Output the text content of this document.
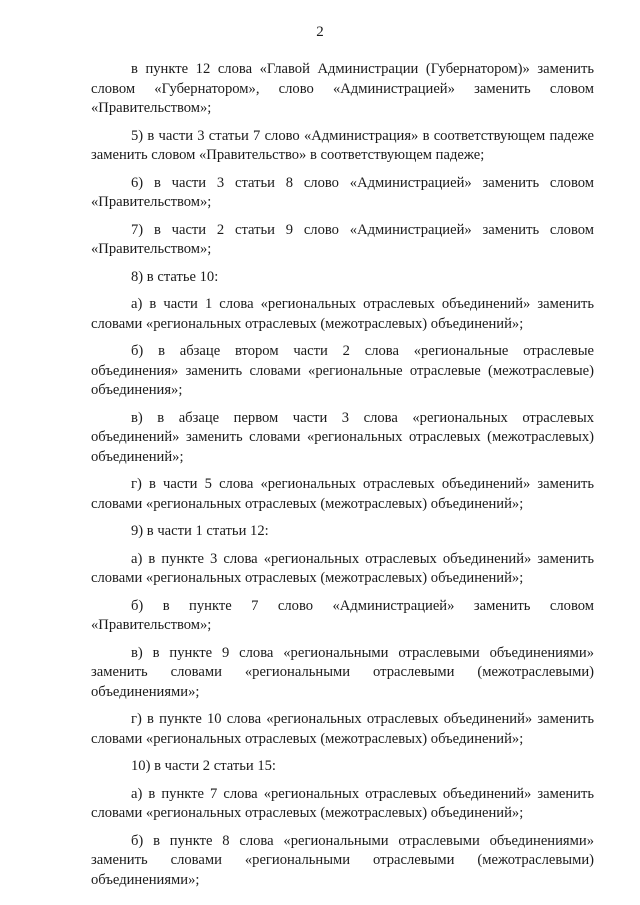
2

в пункте 12 слова «Главой Администрации (Губернатором)» заменить словом «Губернатором», слово «Администрацией» заменить словом «Правительством»;

5) в части 3 статьи 7 слово «Администрация» в соответствующем падеже заменить словом «Правительство» в соответствующем падеже;

6) в части 3 статьи 8 слово «Администрацией» заменить словом «Правительством»;

7) в части 2 статьи 9 слово «Администрацией» заменить словом «Правительством»;

8) в статье 10:

а) в части 1 слова «региональных отраслевых объединений» заменить словами «региональных отраслевых (межотраслевых) объединений»;

б) в абзаце втором части 2 слова «региональные отраслевые объединения» заменить словами «региональные отраслевые (межотраслевые) объединения»;

в) в абзаце первом части 3 слова «региональных отраслевых объединений» заменить словами «региональных отраслевых (межотраслевых) объединений»;

г) в части 5 слова «региональных отраслевых объединений» заменить словами «региональных отраслевых (межотраслевых) объединений»;

9) в части 1 статьи 12:

а) в пункте 3 слова «региональных отраслевых объединений» заменить словами «региональных отраслевых (межотраслевых) объединений»;

б) в пункте 7 слово «Администрацией» заменить словом «Правительством»;

в) в пункте 9 слова «региональными отраслевыми объединениями» заменить словами «региональными отраслевыми (межотраслевыми) объединениями»;

г) в пункте 10 слова «региональных отраслевых объединений» заменить словами «региональных отраслевых (межотраслевых) объединений»;

10) в части 2 статьи 15:

а) в пункте 7 слова «региональных отраслевых объединений» заменить словами «региональных отраслевых (межотраслевых) объединений»;

б) в пункте 8 слова «региональными отраслевыми объединениями» заменить словами «региональными отраслевыми (межотраслевыми) объединениями»;
